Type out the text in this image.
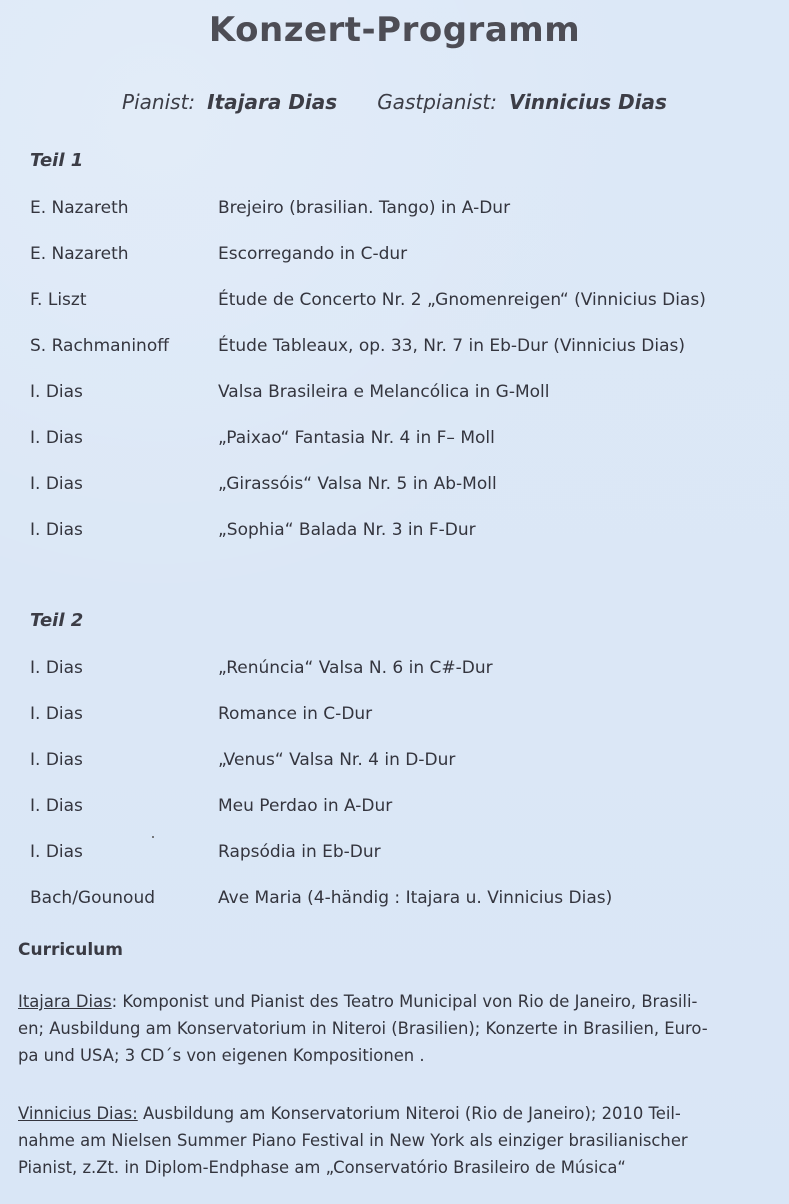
Konzert-Programm
Pianist: Itajara Dias Gastpianist: Vinnicius Dias
Teil 1
E. Nazareth	Brejeiro (brasilian. Tango) in A-Dur
E. Nazareth	Escorregando in C-dur
F. Liszt	Étude de Concerto Nr. 2 „Gnomenreigen“ (Vinnicius Dias)
S. Rachmaninoff	Étude Tableaux, op. 33, Nr. 7 in Eb-Dur (Vinnicius Dias)
I. Dias	Valsa Brasileira e Melancólica in G-Moll
I. Dias	„Paixao“ Fantasia Nr. 4 in F– Moll
I. Dias	„Girassóis“ Valsa Nr. 5 in Ab-Moll
I. Dias	„Sophia“ Balada Nr. 3 in F-Dur
Teil 2
I. Dias	„Renúncia“ Valsa N. 6 in C#-Dur
I. Dias	Romance in C-Dur
I. Dias	„Venus“ Valsa Nr. 4 in D-Dur
I. Dias	Meu Perdao in A-Dur
I. Dias	Rapsódia in Eb-Dur
Bach/Gounoud	Ave Maria (4-händig : Itajara u. Vinnicius Dias)
Curriculum
Itajara Dias: Komponist und Pianist des Teatro Municipal von Rio de Janeiro, Brasili-
en; Ausbildung am Konservatorium in Niteroi (Brasilien); Konzerte in Brasilien, Euro-
pa und USA; 3 CD´s von eigenen Kompositionen .
Vinnicius Dias: Ausbildung am Konservatorium Niteroi (Rio de Janeiro); 2010 Teil-
nahme am Nielsen Summer Piano Festival in New York als einziger brasilianischer
Pianist, z.Zt. in Diplom-Endphase am „Conservatório Brasileiro de Música“
